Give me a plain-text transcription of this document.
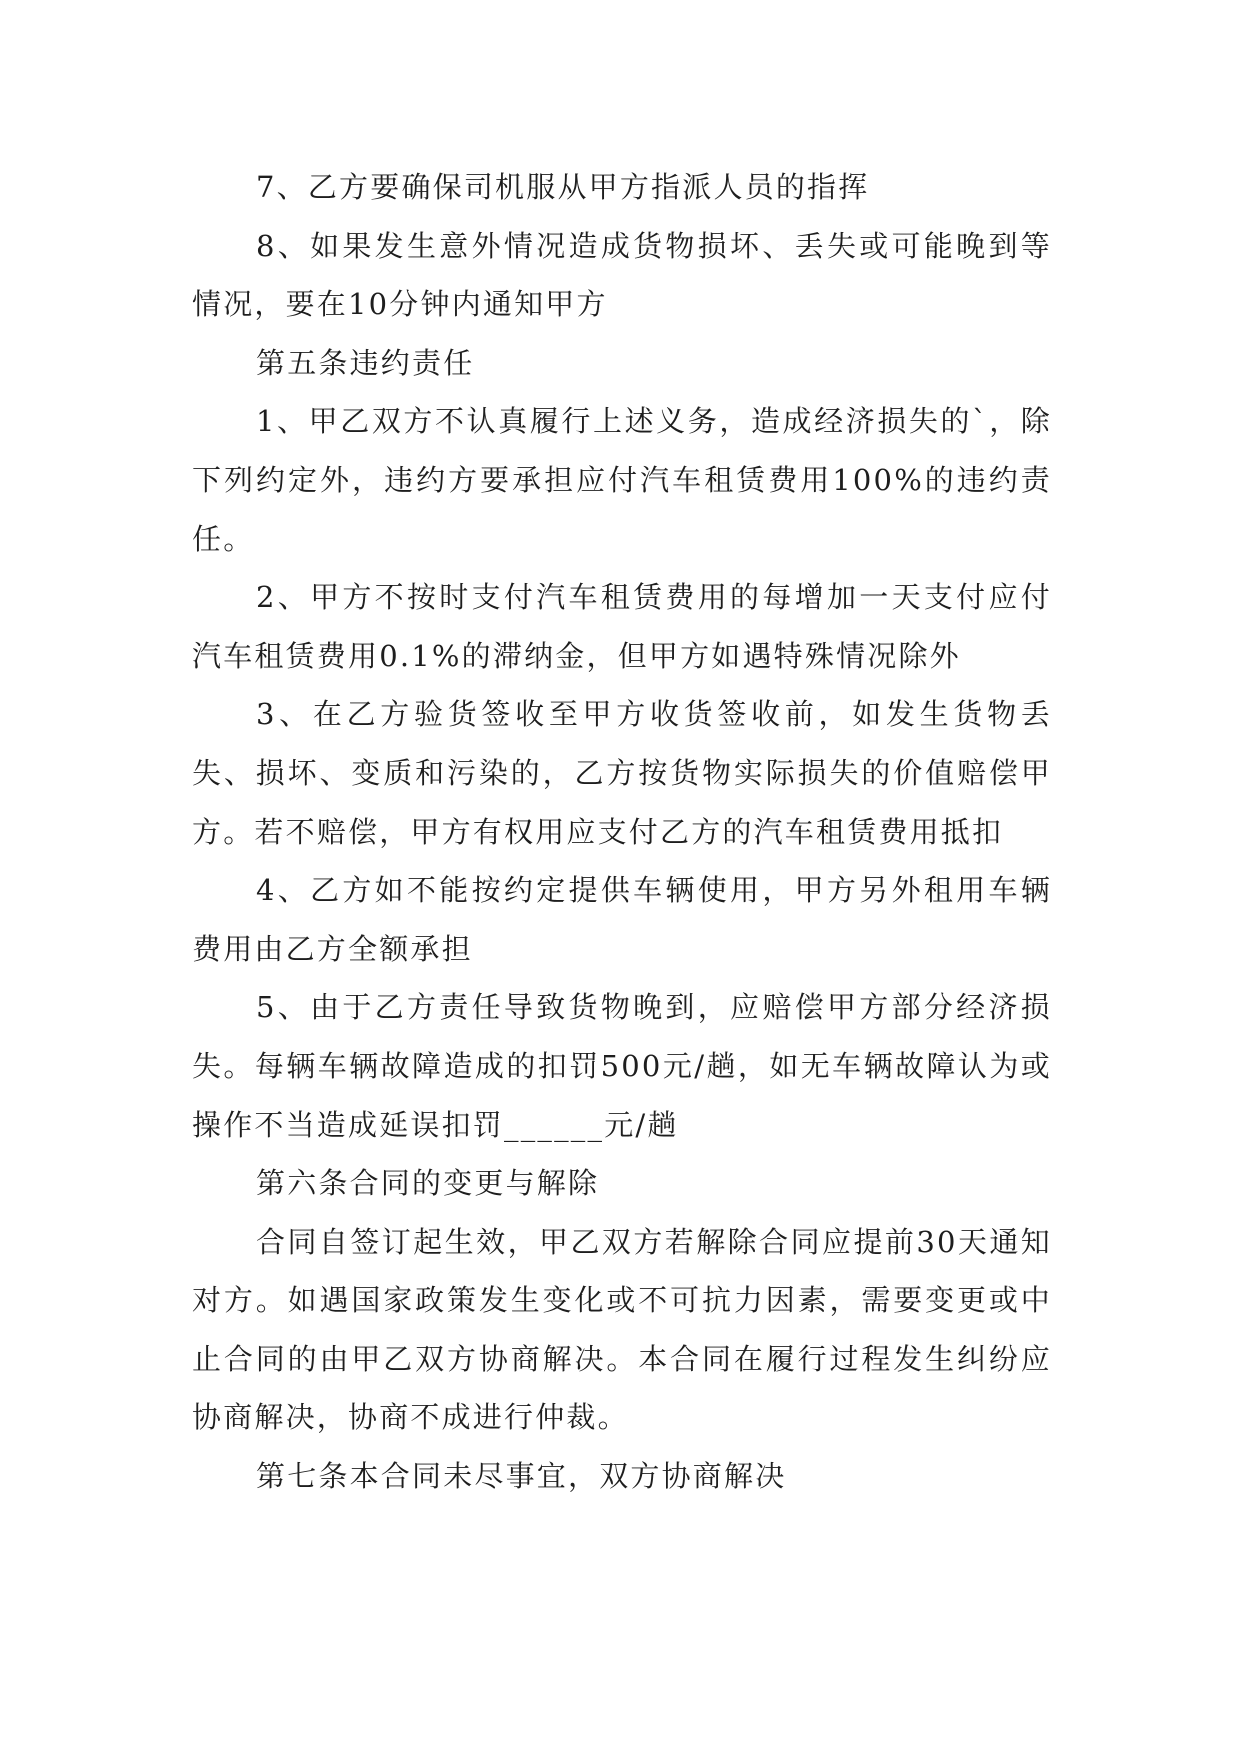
7、乙方要确保司机服从甲方指派人员的指挥

8、如果发生意外情况造成货物损坏、丢失或可能晚到等情况，要在10分钟内通知甲方

第五条违约责任

1、甲乙双方不认真履行上述义务，造成经济损失的`，除下列约定外，违约方要承担应付汽车租赁费用100%的违约责任。

2、甲方不按时支付汽车租赁费用的每增加一天支付应付汽车租赁费用0.1%的滞纳金，但甲方如遇特殊情况除外

3、在乙方验货签收至甲方收货签收前，如发生货物丢失、损坏、变质和污染的，乙方按货物实际损失的价值赔偿甲方。若不赔偿，甲方有权用应支付乙方的汽车租赁费用抵扣

4、乙方如不能按约定提供车辆使用，甲方另外租用车辆费用由乙方全额承担

5、由于乙方责任导致货物晚到，应赔偿甲方部分经济损失。每辆车辆故障造成的扣罚500元/趟，如无车辆故障认为或操作不当造成延误扣罚______元/趟

第六条合同的变更与解除

合同自签订起生效，甲乙双方若解除合同应提前30天通知对方。如遇国家政策发生变化或不可抗力因素，需要变更或中止合同的由甲乙双方协商解决。本合同在履行过程发生纠纷应协商解决，协商不成进行仲裁。

第七条本合同未尽事宜，双方协商解决
